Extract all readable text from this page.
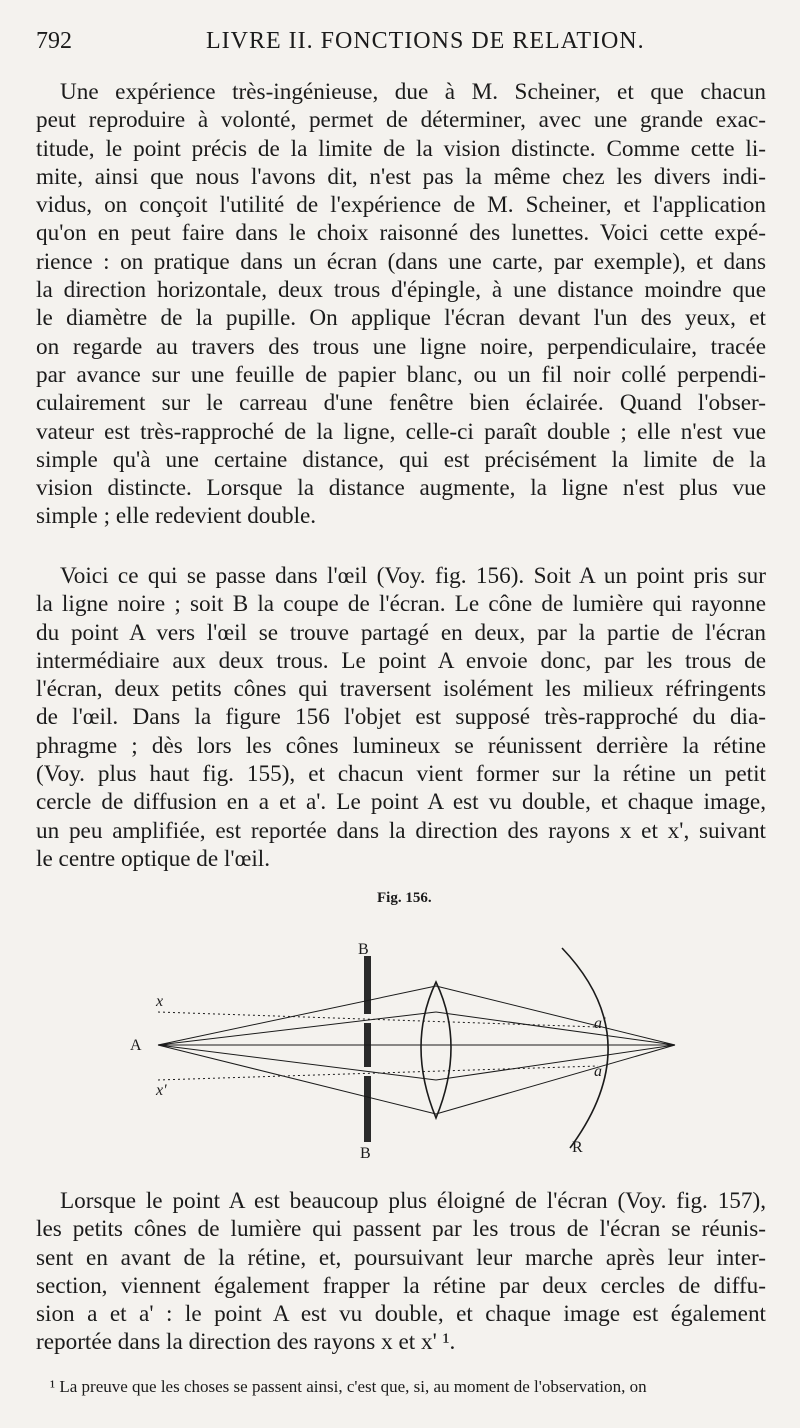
792	LIVRE II. FONCTIONS DE RELATION.
Une expérience très-ingénieuse, due à M. Scheiner, et que chacun
peut reproduire à volonté, permet de déterminer, avec une grande exac-
titude, le point précis de la limite de la vision distincte. Comme cette li-
mite, ainsi que nous l'avons dit, n'est pas la même chez les divers indi-
vidus, on conçoit l'utilité de l'expérience de M. Scheiner, et l'application
qu'on en peut faire dans le choix raisonné des lunettes. Voici cette expé-
rience : on pratique dans un écran (dans une carte, par exemple), et dans
la direction horizontale, deux trous d'épingle, à une distance moindre que
le diamètre de la pupille. On applique l'écran devant l'un des yeux, et
on regarde au travers des trous une ligne noire, perpendiculaire, tracée
par avance sur une feuille de papier blanc, ou un fil noir collé perpendi-
culairement sur le carreau d'une fenêtre bien éclairée. Quand l'obser-
vateur est très-rapproché de la ligne, celle-ci paraît double ; elle n'est vue
simple qu'à une certaine distance, qui est précisément la limite de la
vision distincte. Lorsque la distance augmente, la ligne n'est plus vue
simple ; elle redevient double.
Voici ce qui se passe dans l'œil (Voy. fig. 156). Soit A un point pris sur
la ligne noire ; soit B la coupe de l'écran. Le cône de lumière qui rayonne
du point A vers l'œil se trouve partagé en deux, par la partie de l'écran
intermédiaire aux deux trous. Le point A envoie donc, par les trous de
l'écran, deux petits cônes qui traversent isolément les milieux réfringents
de l'œil. Dans la figure 156 l'objet est supposé très-rapproché du dia-
phragme ; dès lors les cônes lumineux se réunissent derrière la rétine
(Voy. plus haut fig. 155), et chacun vient former sur la rétine un petit
cercle de diffusion en a et a'. Le point A est vu double, et chaque image,
un peu amplifiée, est reportée dans la direction des rayons x et x', suivant
le centre optique de l'œil.
Fig. 156.
B
B
A
x
x'
a'
a
R
Lorsque le point A est beaucoup plus éloigné de l'écran (Voy. fig. 157),
les petits cônes de lumière qui passent par les trous de l'écran se réunis-
sent en avant de la rétine, et, poursuivant leur marche après leur inter-
section, viennent également frapper la rétine par deux cercles de diffu-
sion a et a' : le point A est vu double, et chaque image est également
reportée dans la direction des rayons x et x' ¹.
¹ La preuve que les choses se passent ainsi, c'est que, si, au moment de l'observation, on
